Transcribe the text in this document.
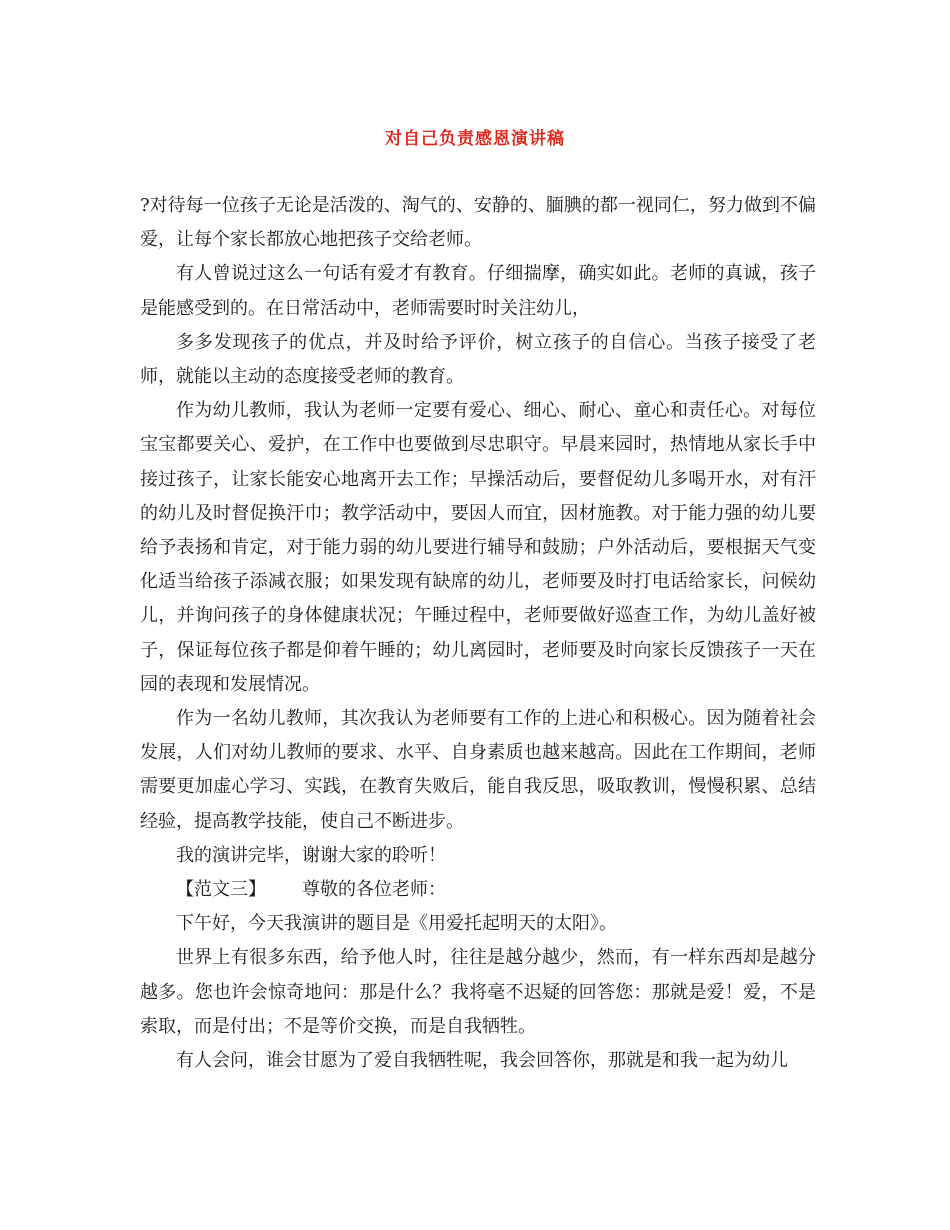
对自己负责感恩演讲稿

?对待每一位孩子无论是活泼的、淘气的、安静的、腼腆的都一视同仁，努力做到不偏爱，让每个家长都放心地把孩子交给老师。

有人曾说过这么一句话有爱才有教育。仔细揣摩，确实如此。老师的真诚，孩子是能感受到的。在日常活动中，老师需要时时关注幼儿，

多多发现孩子的优点，并及时给予评价，树立孩子的自信心。当孩子接受了老师，就能以主动的态度接受老师的教育。

作为幼儿教师，我认为老师一定要有爱心、细心、耐心、童心和责任心。对每位宝宝都要关心、爱护，在工作中也要做到尽忠职守。早晨来园时，热情地从家长手中接过孩子，让家长能安心地离开去工作；早操活动后，要督促幼儿多喝开水，对有汗的幼儿及时督促换汗巾；教学活动中，要因人而宜，因材施教。对于能力强的幼儿要给予表扬和肯定，对于能力弱的幼儿要进行辅导和鼓励；户外活动后，要根据天气变化适当给孩子添减衣服；如果发现有缺席的幼儿，老师要及时打电话给家长，问候幼儿，并询问孩子的身体健康状况；午睡过程中，老师要做好巡查工作，为幼儿盖好被子，保证每位孩子都是仰着午睡的；幼儿离园时，老师要及时向家长反馈孩子一天在园的表现和发展情况。

作为一名幼儿教师，其次我认为老师要有工作的上进心和积极心。因为随着社会发展，人们对幼儿教师的要求、水平、自身素质也越来越高。因此在工作期间，老师需要更加虚心学习、实践，在教育失败后，能自我反思，吸取教训，慢慢积累、总结经验，提高教学技能，使自己不断进步。

我的演讲完毕，谢谢大家的聆听！

【范文三】 尊敬的各位老师：

下午好，今天我演讲的题目是《用爱托起明天的太阳》。

世界上有很多东西，给予他人时，往往是越分越少，然而，有一样东西却是越分越多。您也许会惊奇地问：那是什么？我将毫不迟疑的回答您：那就是爱！爱，不是索取，而是付出；不是等价交换，而是自我牺牲。

有人会问，谁会甘愿为了爱自我牺牲呢，我会回答你，那就是和我一起为幼儿
